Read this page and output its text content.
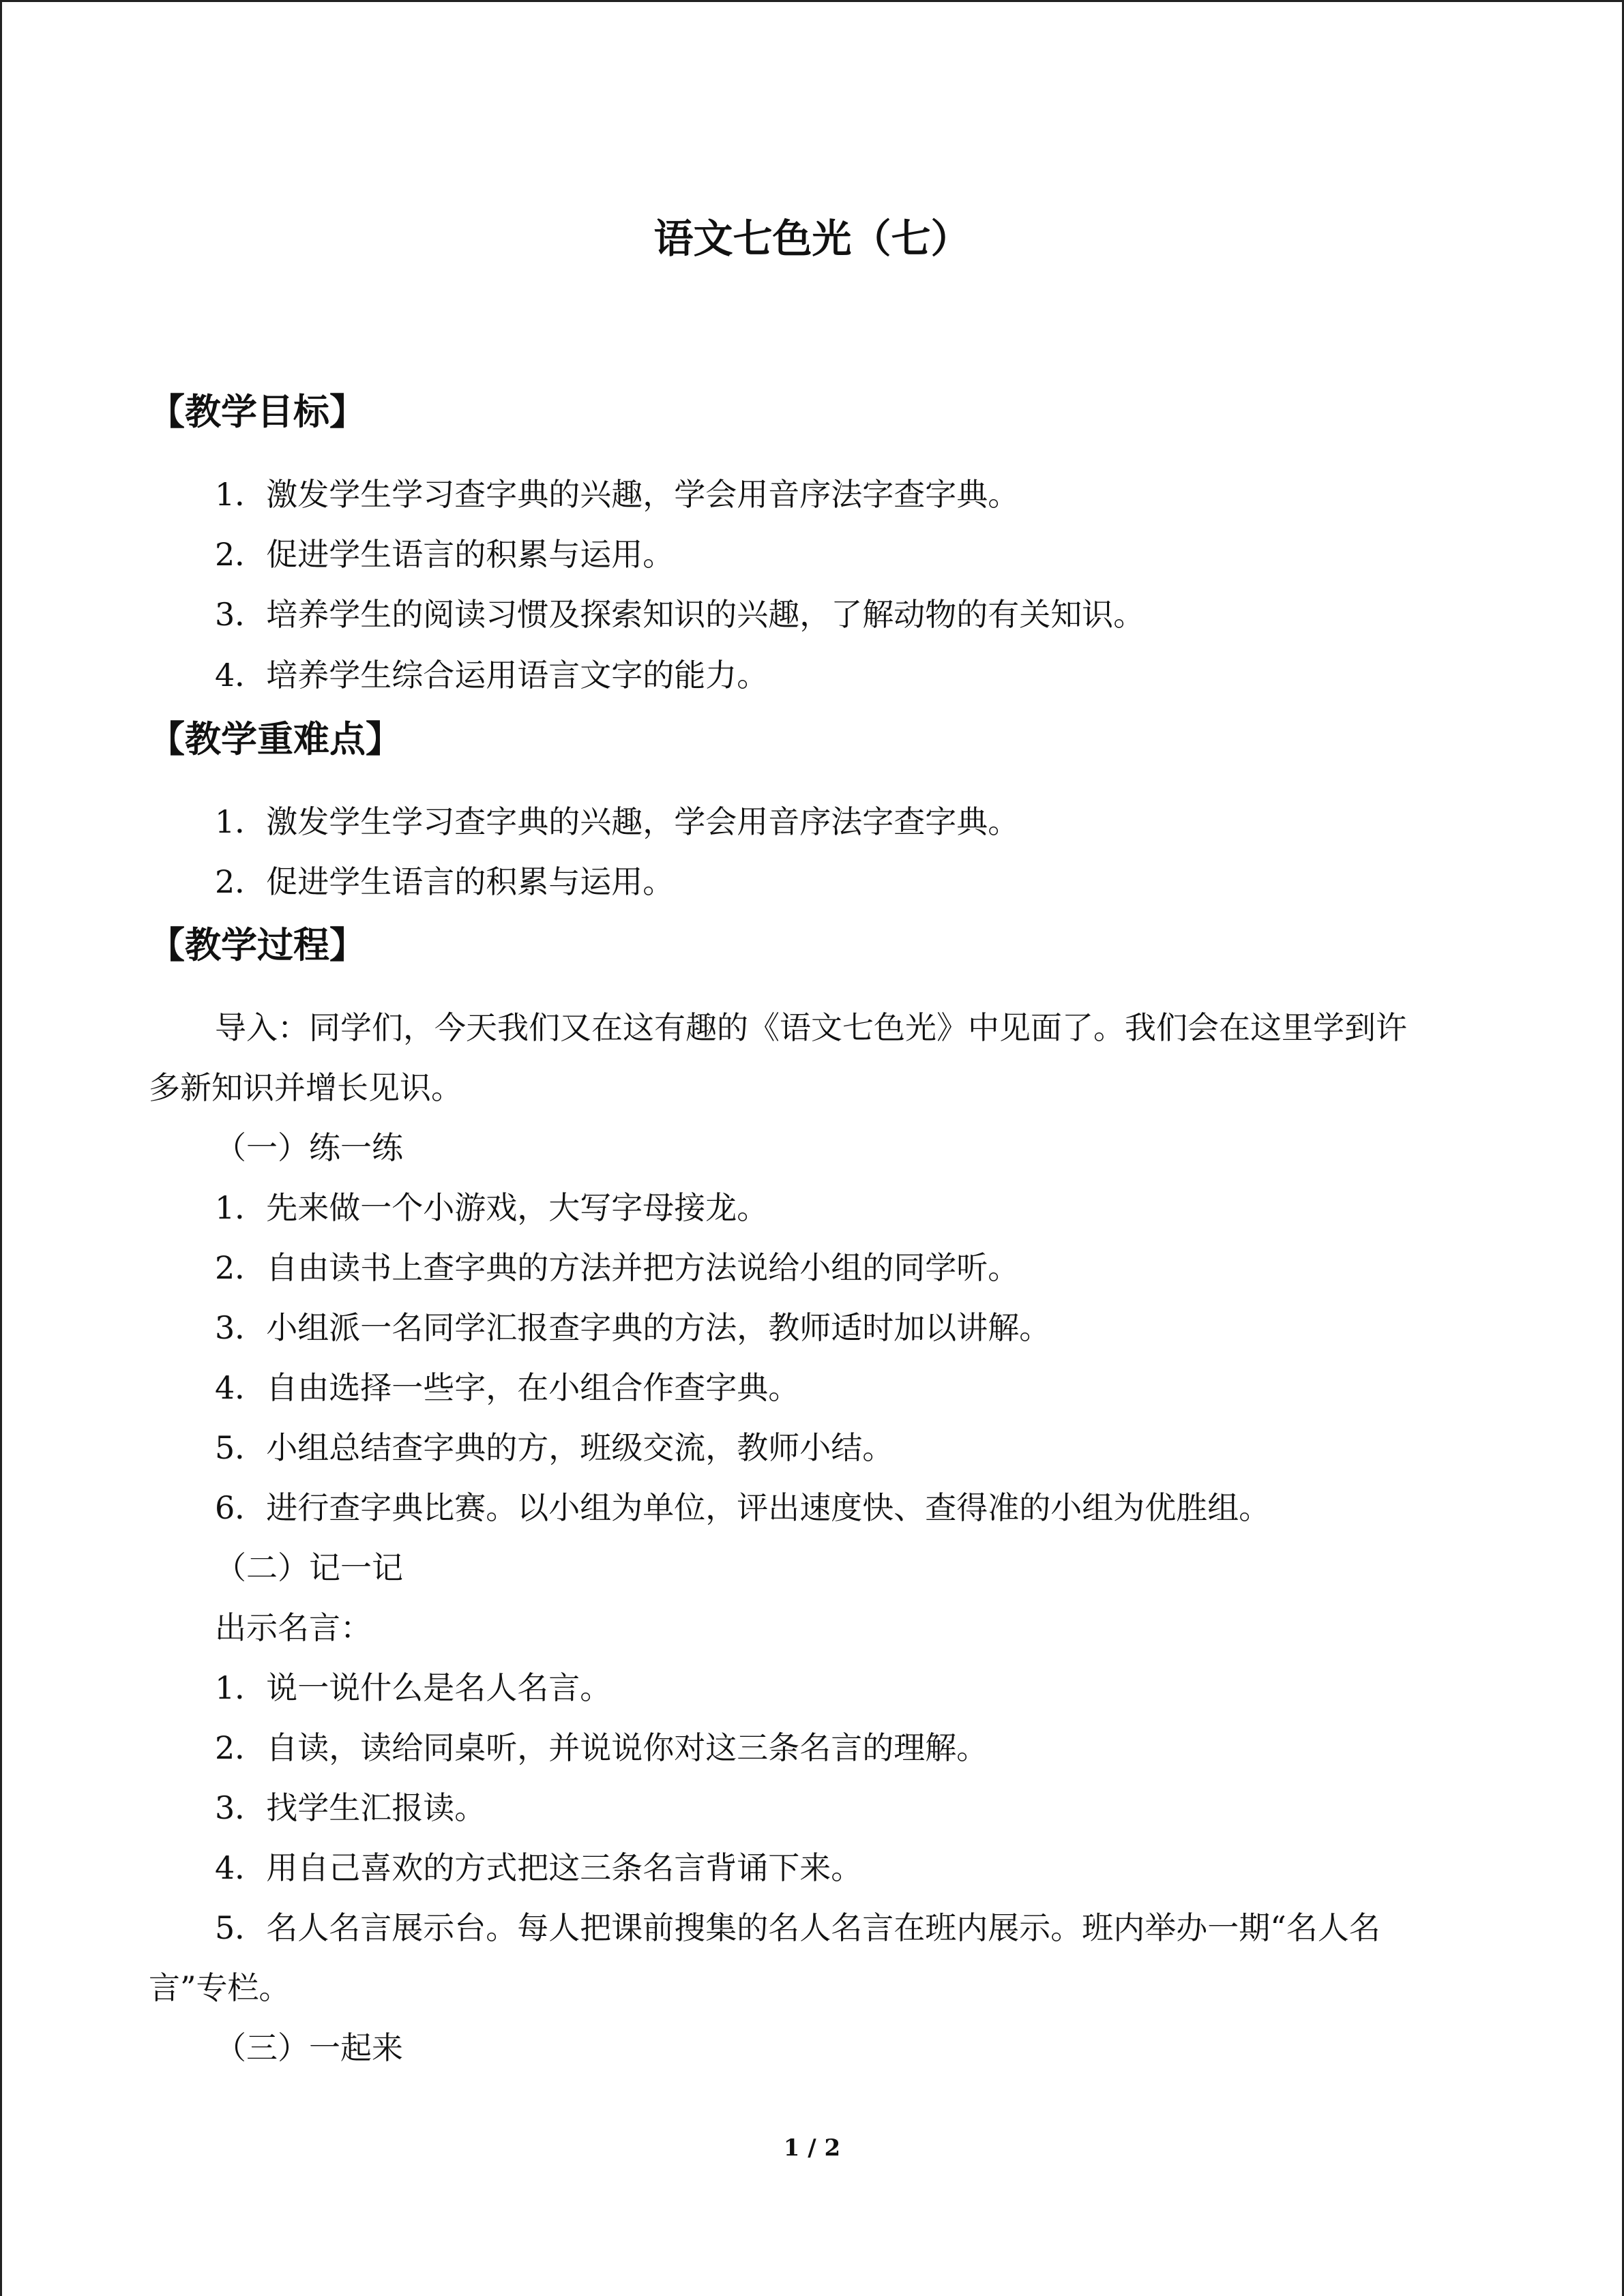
语文七色光（七）
【教学目标】
1．激发学生学习查字典的兴趣，学会用音序法字查字典。
2．促进学生语言的积累与运用。
3．培养学生的阅读习惯及探索知识的兴趣，了解动物的有关知识。
4．培养学生综合运用语言文字的能力。
【教学重难点】
1．激发学生学习查字典的兴趣，学会用音序法字查字典。
2．促进学生语言的积累与运用。
【教学过程】
导入：同学们，今天我们又在这有趣的《语文七色光》中见面了。我们会在这里学到许
多新知识并增长见识。
（一）练一练
1．先来做一个小游戏，大写字母接龙。
2．自由读书上查字典的方法并把方法说给小组的同学听。
3．小组派一名同学汇报查字典的方法，教师适时加以讲解。
4．自由选择一些字，在小组合作查字典。
5．小组总结查字典的方，班级交流，教师小结。
6．进行查字典比赛。以小组为单位，评出速度快、查得准的小组为优胜组。
（二）记一记
出示名言：
1．说一说什么是名人名言。
2．自读，读给同桌听，并说说你对这三条名言的理解。
3．找学生汇报读。
4．用自己喜欢的方式把这三条名言背诵下来。
5．名人名言展示台。每人把课前搜集的名人名言在班内展示。班内举办一期“名人名
言”专栏。
（三）一起来
1 / 2
